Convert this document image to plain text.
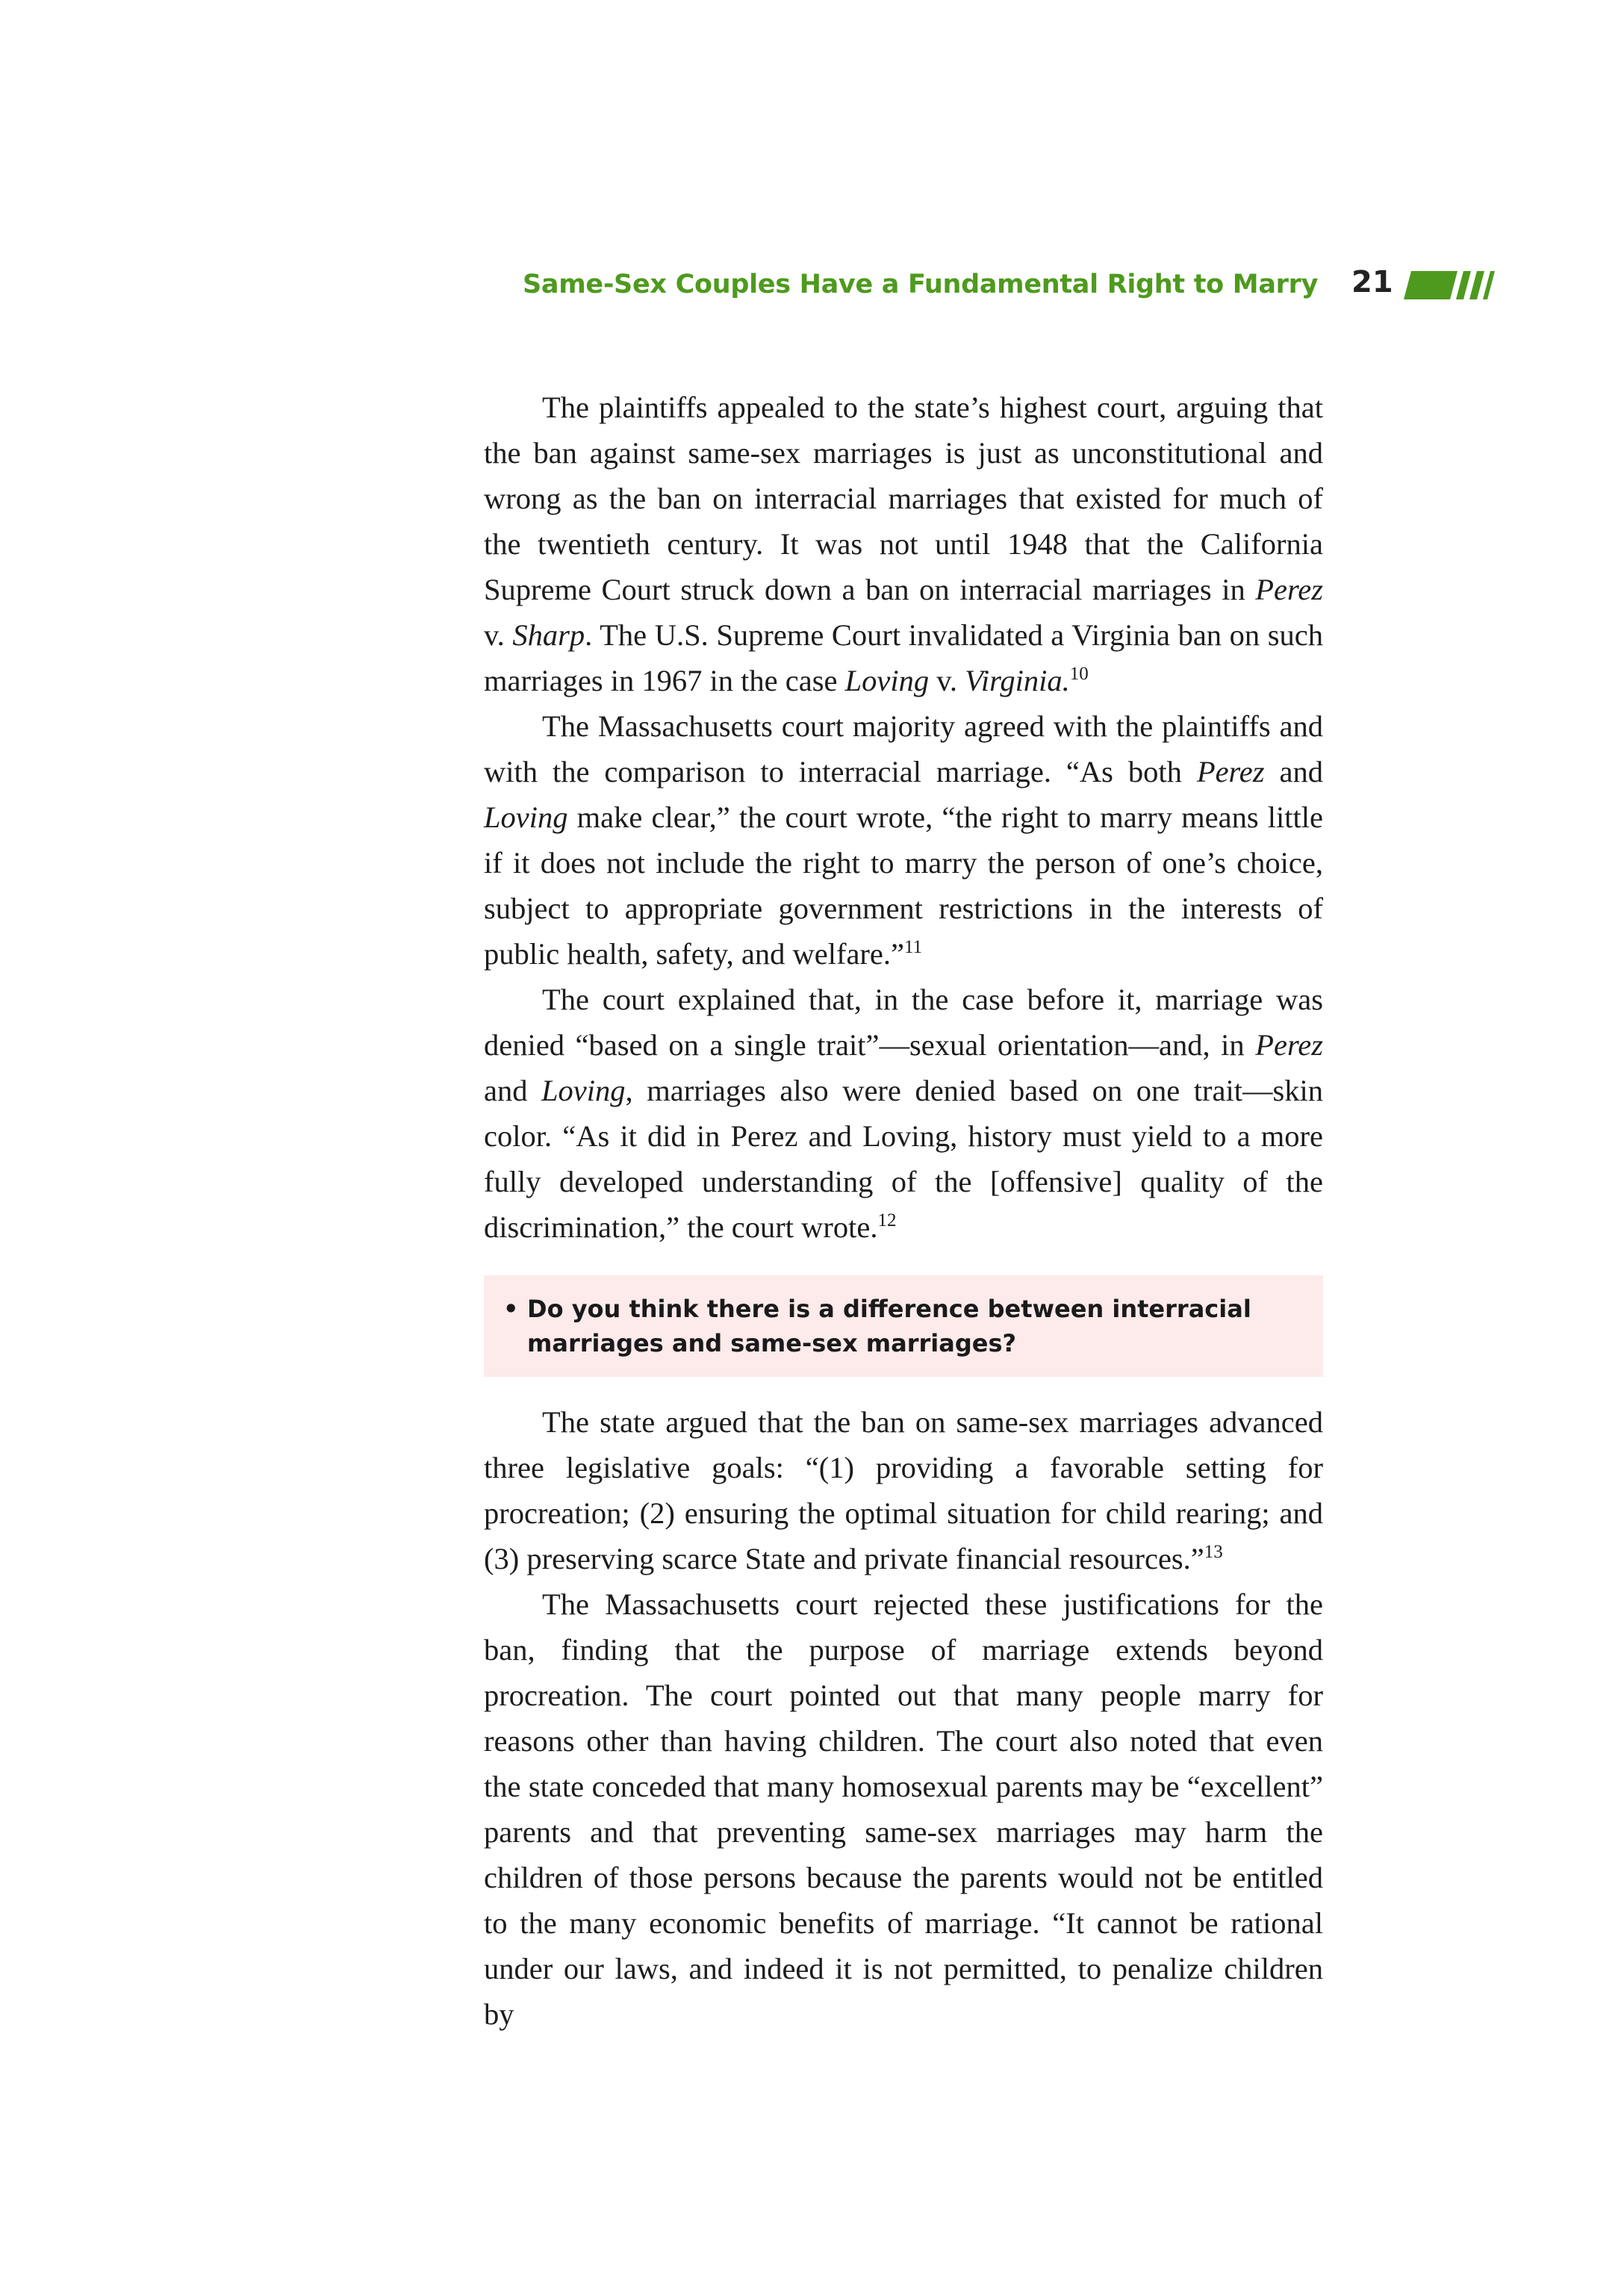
Same-Sex Couples Have a Fundamental Right to Marry 21

The plaintiffs appealed to the state’s highest court, arguing that the ban against same-sex marriages is just as unconstitutional and wrong as the ban on interracial marriages that existed for much of the twentieth century. It was not until 1948 that the California Supreme Court struck down a ban on interracial marriages in Perez v. Sharp. The U.S. Supreme Court invalidated a Virginia ban on such marriages in 1967 in the case Loving v. Virginia.$^{10}$

The Massachusetts court majority agreed with the plaintiffs and with the comparison to interracial marriage. “As both Perez and Loving make clear,” the court wrote, “the right to marry means little if it does not include the right to marry the person of one’s choice, subject to appropriate government restrictions in the interests of public health, safety, and welfare.”$^{11}$

The court explained that, in the case before it, marriage was denied “based on a single trait”—sexual orientation—and, in Perez and Loving, marriages also were denied based on one trait—skin color. “As it did in Perez and Loving, history must yield to a more fully developed understanding of the [offensive] quality of the discrimination,” the court wrote.$^{12}$

• Do you think there is a difference between interracial marriages and same-sex marriages?

The state argued that the ban on same-sex marriages advanced three legislative goals: “(1) providing a favorable setting for procreation; (2) ensuring the optimal situation for child rearing; and (3) preserving scarce State and private financial resources.”$^{13}$

The Massachusetts court rejected these justifications for the ban, finding that the purpose of marriage extends beyond procreation. The court pointed out that many people marry for reasons other than having children. The court also noted that even the state conceded that many homosexual parents may be “excellent” parents and that preventing same-sex marriages may harm the children of those persons because the parents would not be entitled to the many economic benefits of marriage. “It cannot be rational under our laws, and indeed it is not permitted, to penalize children by
